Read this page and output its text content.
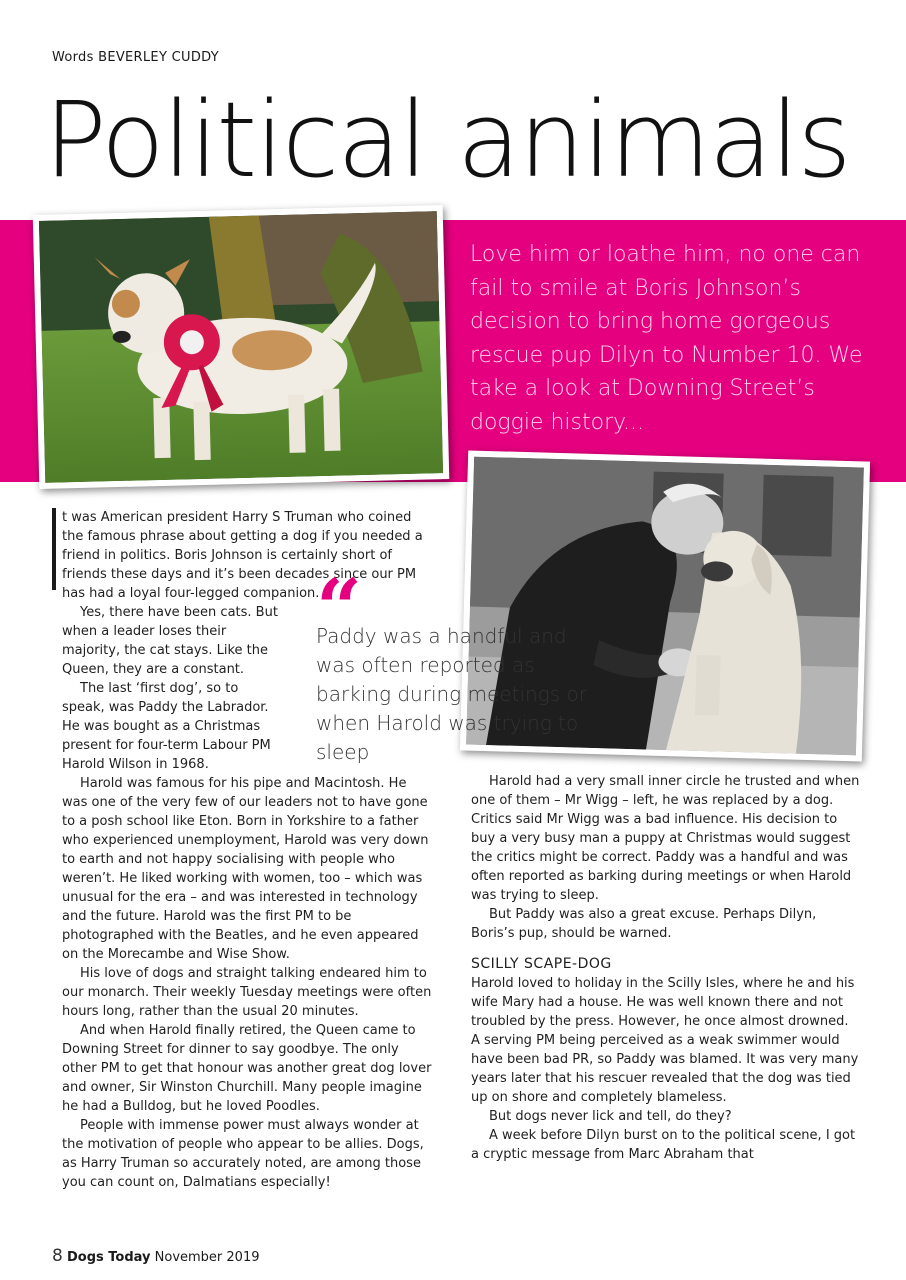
Words BEVERLEY CUDDY
Political animals
Love him or loathe him, no one can fail to smile at Boris Johnson’s decision to bring home gorgeous rescue pup Dilyn to Number 10. We take a look at Downing Street’s doggie history...

t was American president Harry S Truman who coined the famous phrase about getting a dog if you needed a friend in politics. Boris Johnson is certainly short of friends these days and it’s been decades since our PM has had a loyal four-legged companion.

Yes, there have been cats. But when a leader loses their majority, the cat stays. Like the Queen, they are a constant.

The last ‘first dog’, so to speak, was Paddy the Labrador. He was bought as a Christmas present for four-term Labour PM Harold Wilson in 1968.

Harold was famous for his pipe and Macintosh. He was one of the very few of our leaders not to have gone to a posh school like Eton. Born in Yorkshire to a father who experienced unemployment, Harold was very down to earth and not happy socialising with people who weren’t. He liked working with women, too – which was unusual for the era – and was interested in technology and the future. Harold was the first PM to be photographed with the Beatles, and he even appeared on the Morecambe and Wise Show.

His love of dogs and straight talking endeared him to our monarch. Their weekly Tuesday meetings were often hours long, rather than the usual 20 minutes.

And when Harold finally retired, the Queen came to Downing Street for dinner to say goodbye. The only other PM to get that honour was another great dog lover and owner, Sir Winston Churchill. Many people imagine he had a Bulldog, but he loved Poodles.

People with immense power must always wonder at the motivation of people who appear to be allies. Dogs, as Harry Truman so accurately noted, are among those you can count on, Dalmatians especially!

“
Paddy was a handful and was often reported as barking during meetings or when Harold was trying to sleep

Harold had a very small inner circle he trusted and when one of them – Mr Wigg – left, he was replaced by a dog. Critics said Mr Wigg was a bad influence. His decision to buy a very busy man a puppy at Christmas would suggest the critics might be correct. Paddy was a handful and was often reported as barking during meetings or when Harold was trying to sleep.

But Paddy was also a great excuse. Perhaps Dilyn, Boris’s pup, should be warned.

SCILLY SCAPE-DOG

Harold loved to holiday in the Scilly Isles, where he and his wife Mary had a house. He was well known there and not troubled by the press. However, he once almost drowned. A serving PM being perceived as a weak swimmer would have been bad PR, so Paddy was blamed. It was very many years later that his rescuer revealed that the dog was tied up on shore and completely blameless.

But dogs never lick and tell, do they?

A week before Dilyn burst on to the political scene, I got a cryptic message from Marc Abraham that

8 Dogs Today November 2019
